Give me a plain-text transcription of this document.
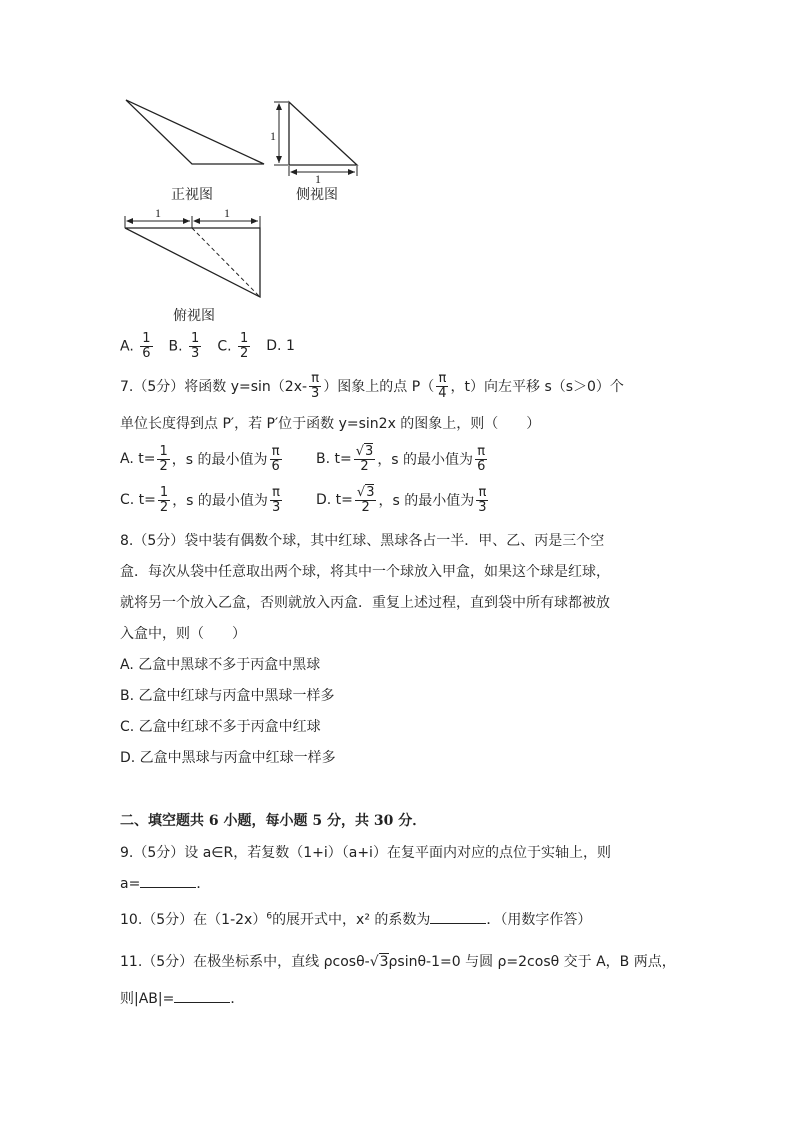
1
1
1	1
正视图	侧视图
俯视图
A. $\frac{1}{6} B$. $\frac{1}{3} C$. $\frac{1}{2} D$. 1
7.（5分）将函数 $y=\sin(2x- \frac{\pi}{3}$ ）图象上的点 $P( \frac{\pi}{4}$ ，t）向左平移 s（s＞0）个
单位长度得到点 P′，若 P′位于函数 y=sin2x 的图象上，则（　　）
A. $t= \frac{1}{2}$ ，s 的最小值为 $\frac{\pi}{6} B$. $t= \frac{√3}{2}$ ，s 的最小值为 $\frac{\pi}{6}$
C. $t= \frac{1}{2}$ ，s 的最小值为 $\frac{\pi}{3} D$. $t= \frac{√3}{2}$ ，s 的最小值为 $\frac{\pi}{3}$
8.（5分）袋中装有偶数个球，其中红球、黑球各占一半．甲、乙、丙是三个空
盒．每次从袋中任意取出两个球，将其中一个球放入甲盒，如果这个球是红球，
就将另一个放入乙盒，否则就放入丙盒．重复上述过程，直到袋中所有球都被放
入盒中，则（　　）
A. 乙盒中黑球不多于丙盒中黑球
B. 乙盒中红球与丙盒中黑球一样多
C. 乙盒中红球不多于丙盒中红球
D. 乙盒中黑球与丙盒中红球一样多
二、填空题共 6 小题，每小题 5 分，共 30 分．
9.（5分）设 a∈R，若复数（1+i）（a+i）在复平面内对应的点位于实轴上，则
a=	．
10.（5分）在$(1-2x)^6$的展开式中，x² 的系数为	．（用数字作答）
11.（5分）在极坐标系中，直线 ρcosθ-√3ρsinθ-1=0 与圆 ρ=2cosθ 交于 A，B 两点，
则|AB|=	．
